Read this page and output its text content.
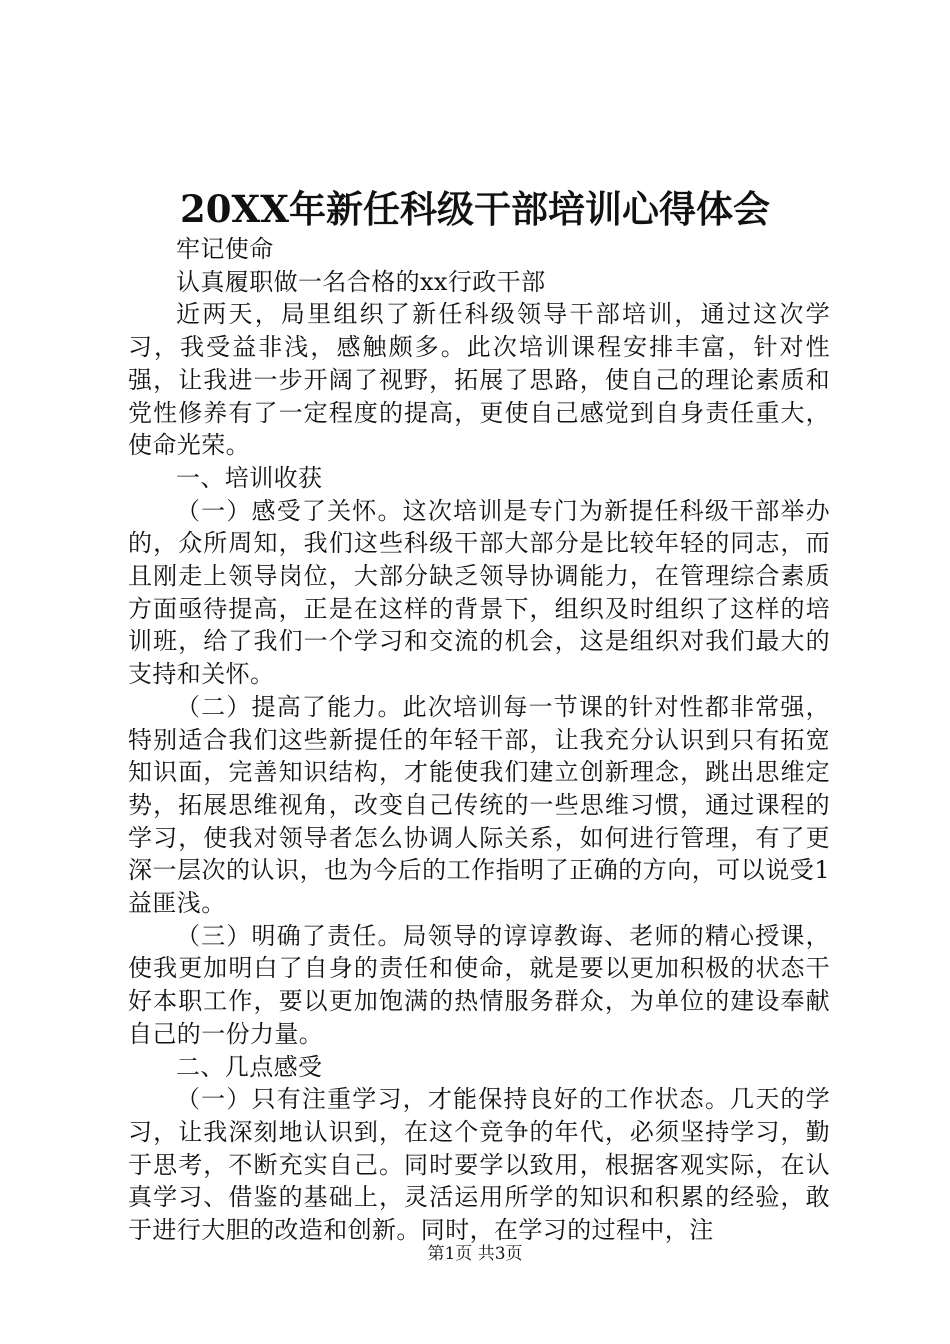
20XX年新任科级干部培训心得体会

牢记使命

认真履职做一名合格的xx行政干部

近两天，局里组织了新任科级领导干部培训，通过这次学习，我受益非浅，感触颇多。此次培训课程安排丰富，针对性强，让我进一步开阔了视野，拓展了思路，使自己的理论素质和党性修养有了一定程度的提高，更使自己感觉到自身责任重大，使命光荣。

一、培训收获

（一）感受了关怀。这次培训是专门为新提任科级干部举办的，众所周知，我们这些科级干部大部分是比较年轻的同志，而且刚走上领导岗位，大部分缺乏领导协调能力，在管理综合素质方面亟待提高，正是在这样的背景下，组织及时组织了这样的培训班，给了我们一个学习和交流的机会，这是组织对我们最大的支持和关怀。

（二）提高了能力。此次培训每一节课的针对性都非常强，特别适合我们这些新提任的年轻干部，让我充分认识到只有拓宽知识面，完善知识结构，才能使我们建立创新理念，跳出思维定势，拓展思维视角，改变自己传统的一些思维习惯，通过课程的学习，使我对领导者怎么协调人际关系，如何进行管理，有了更深一层次的认识，也为今后的工作指明了正确的方向，可以说受1益匪浅。

（三）明确了责任。局领导的谆谆教诲、老师的精心授课，使我更加明白了自身的责任和使命，就是要以更加积极的状态干好本职工作，要以更加饱满的热情服务群众，为单位的建设奉献自己的一份力量。

二、几点感受

（一）只有注重学习，才能保持良好的工作状态。几天的学习，让我深刻地认识到，在这个竞争的年代，必须坚持学习，勤于思考，不断充实自己。同时要学以致用，根据客观实际，在认真学习、借鉴的基础上，灵活运用所学的知识和积累的经验，敢于进行大胆的改造和创新。同时，在学习的过程中，注

第1页 共3页
